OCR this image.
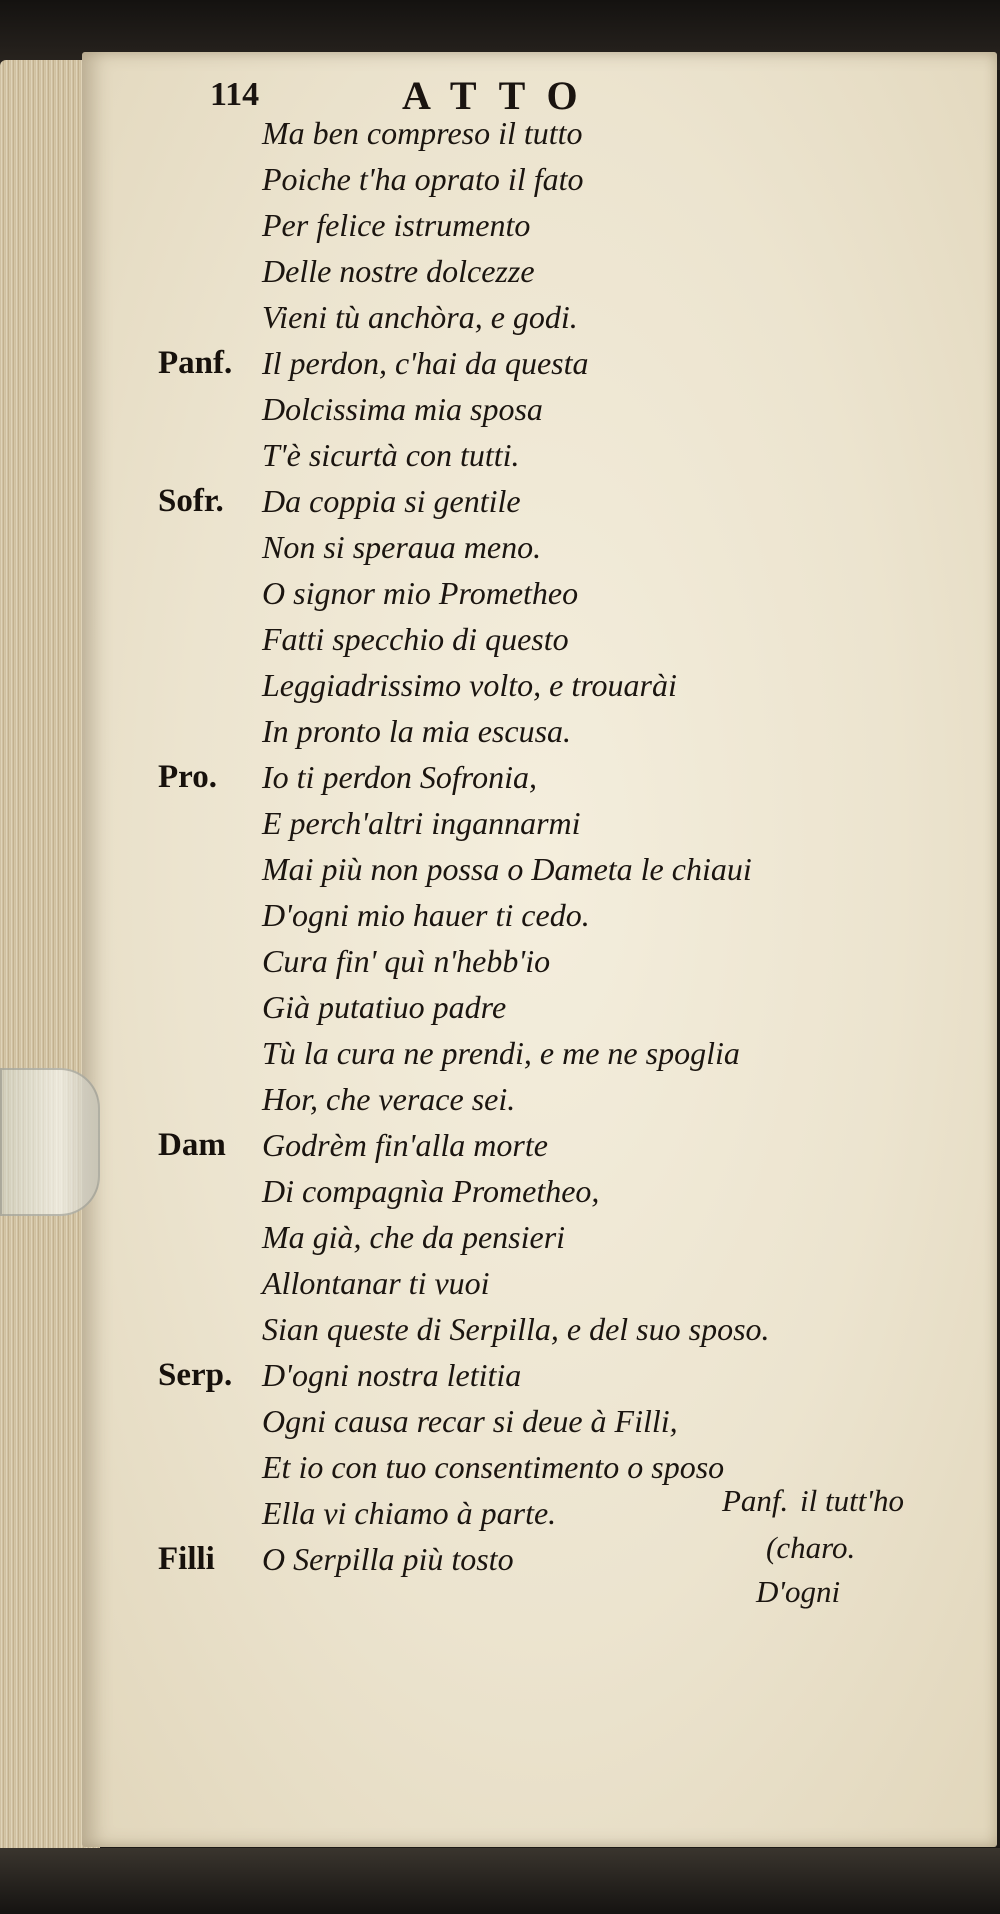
114	ATTO
Ma ben compreso il tutto
Poiche t'ha oprato il fato
Per felice istrumento
Delle nostre dolcezze
Vieni tù anchòra, e godi.
Panf. Il perdon, c'hai da questa
Dolcissima mia sposa
T'è sicurtà con tutti.
Sofr. Da coppia si gentile
Non si speraua meno.
O signor mio Prometheo
Fatti specchio di questo
Leggiadrissimo volto, e trouarài
In pronto la mia escusa.
Pro. Io ti perdon Sofronia,
E perch'altri ingannarmi
Mai più non possa o Dameta le chiaui
D'ogni mio hauer ti cedo.
Cura fin' quì n'hebb'io
Già putatiuo padre
Tù la cura ne prendi, e me ne spoglia
Hor, che verace sei.
Dam Godrèm fin'alla morte
Di compagnìa Prometheo,
Ma già, che da pensieri
Allontanar ti vuoi
Sian queste di Serpilla, e del suo sposo.
Serp. D'ogni nostra letitia
Ogni causa recar si deue à Filli,
Et io con tuo consentimento o sposo
Ella vi chiamo à parte.
Filli O Serpilla più tosto
Panf. il tutt'ho
(charo.
D'ogni
